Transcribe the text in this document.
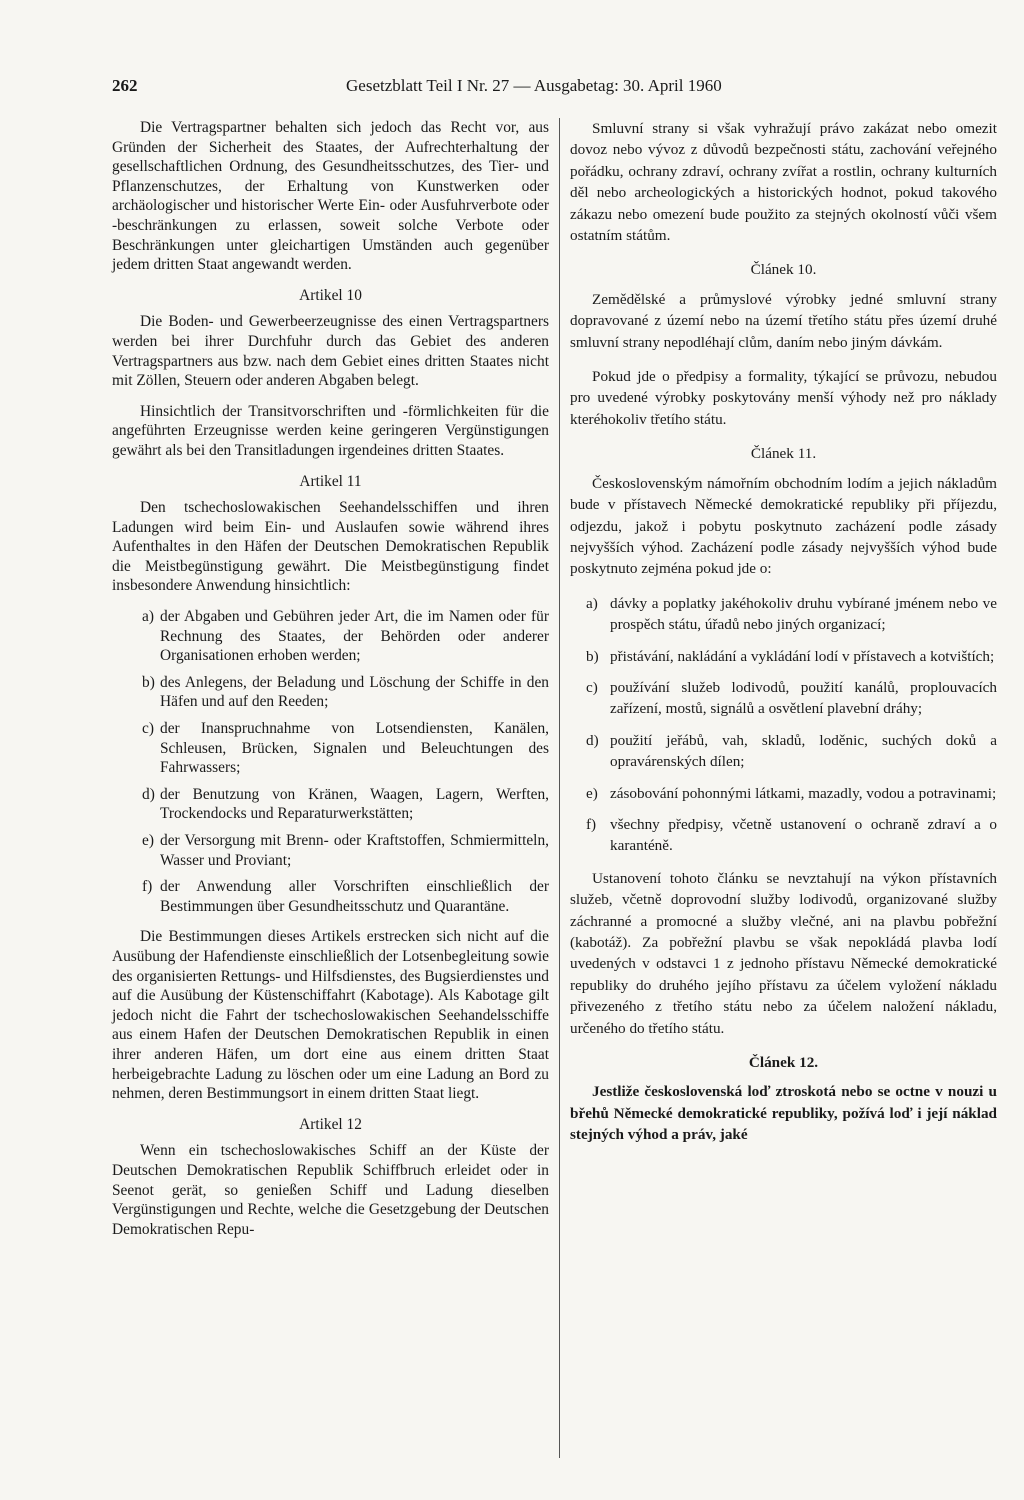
262	Gesetzblatt Teil I Nr. 27 — Ausgabetag: 30. April 1960

Die Vertragspartner behalten sich jedoch das Recht vor, aus Gründen der Sicherheit des Staates, der Aufrechterhaltung der gesellschaftlichen Ordnung, des Gesundheitsschutzes, des Tier- und Pflanzenschutzes, der Erhaltung von Kunstwerken oder archäologischer und historischer Werte Ein- oder Ausfuhrverbote oder -beschränkungen zu erlassen, soweit solche Verbote oder Beschränkungen unter gleichartigen Umständen auch gegenüber jedem dritten Staat angewandt werden.

Artikel 10

Die Boden- und Gewerbeerzeugnisse des einen Vertragspartners werden bei ihrer Durchfuhr durch das Gebiet des anderen Vertragspartners aus bzw. nach dem Gebiet eines dritten Staates nicht mit Zöllen, Steuern oder anderen Abgaben belegt.

Hinsichtlich der Transitvorschriften und -förmlichkeiten für die angeführten Erzeugnisse werden keine geringeren Vergünstigungen gewährt als bei den Transitladungen irgendeines dritten Staates.

Artikel 11

Den tschechoslowakischen Seehandelsschiffen und ihren Ladungen wird beim Ein- und Auslaufen sowie während ihres Aufenthaltes in den Häfen der Deutschen Demokratischen Republik die Meistbegünstigung gewährt. Die Meistbegünstigung findet insbesondere Anwendung hinsichtlich:

a) der Abgaben und Gebühren jeder Art, die im Namen oder für Rechnung des Staates, der Behörden oder anderer Organisationen erhoben werden;
b) des Anlegens, der Beladung und Löschung der Schiffe in den Häfen und auf den Reeden;
c) der Inanspruchnahme von Lotsendiensten, Kanälen, Schleusen, Brücken, Signalen und Beleuchtungen des Fahrwassers;
d) der Benutzung von Kränen, Waagen, Lagern, Werften, Trockendocks und Reparaturwerkstätten;
e) der Versorgung mit Brenn- oder Kraftstoffen, Schmiermitteln, Wasser und Proviant;
f) der Anwendung aller Vorschriften einschließlich der Bestimmungen über Gesundheitsschutz und Quarantäne.

Die Bestimmungen dieses Artikels erstrecken sich nicht auf die Ausübung der Hafendienste einschließlich der Lotsenbegleitung sowie des organisierten Rettungs- und Hilfsdienstes, des Bugsierdienstes und auf die Ausübung der Küstenschiffahrt (Kabotage). Als Kabotage gilt jedoch nicht die Fahrt der tschechoslowakischen Seehandelsschiffe aus einem Hafen der Deutschen Demokratischen Republik in einen ihrer anderen Häfen, um dort eine aus einem dritten Staat herbeigebrachte Ladung zu löschen oder um eine Ladung an Bord zu nehmen, deren Bestimmungsort in einem dritten Staat liegt.

Artikel 12

Wenn ein tschechoslowakisches Schiff an der Küste der Deutschen Demokratischen Republik Schiffbruch erleidet oder in Seenot gerät, so genießen Schiff und Ladung dieselben Vergünstigungen und Rechte, welche die Gesetzgebung der Deutschen Demokratischen Repu-

Smluvní strany si však vyhražují právo zakázat nebo omezit dovoz nebo vývoz z důvodů bezpečnosti státu, zachování veřejného pořádku, ochrany zdraví, ochrany zvířat a rostlin, ochrany kulturních děl nebo archeologických a historických hodnot, pokud takového zákazu nebo omezení bude použito za stejných okolností vůči všem ostatním státům.

Článek 10.

Zemědělské a průmyslové výrobky jedné smluvní strany dopravované z území nebo na území třetího státu přes území druhé smluvní strany nepodléhají clům, daním nebo jiným dávkám.

Pokud jde o předpisy a formality, týkající se průvozu, nebudou pro uvedené výrobky poskytovány menší výhody než pro náklady kteréhokoliv třetího státu.

Článek 11.

Československým námořním obchodním lodím a jejich nákladům bude v přístavech Německé demokratické republiky při příjezdu, odjezdu, jakož i pobytu poskytnuto zacházení podle zásady nejvyšších výhod. Zacházení podle zásady nejvyšších výhod bude poskytnuto zejména pokud jde o:

a) dávky a poplatky jakéhokoliv druhu vybírané jménem nebo ve prospěch státu, úřadů nebo jiných organizací;
b) přistávání, nakládání a vykládání lodí v přístavech a kotvištích;
c) používání služeb lodivodů, použití kanálů, proplouvacích zařízení, mostů, signálů a osvětlení plavební dráhy;
d) použití jeřábů, vah, skladů, loděnic, suchých doků a opravárenských dílen;
e) zásobování pohonnými látkami, mazadly, vodou a potravinami;
f) všechny předpisy, včetně ustanovení o ochraně zdraví a o karanténě.

Ustanovení tohoto článku se nevztahují na výkon přístavních služeb, včetně doprovodní služby lodivodů, organizované služby záchranné a promocné a služby vlečné, ani na plavbu pobřežní (kabotáž). Za pobřežní plavbu se však nepokládá plavba lodí uvedených v odstavci 1 z jednoho přístavu Německé demokratické republiky do druhého jejího přístavu za účelem vyložení nákladu přivezeného z třetího státu nebo za účelem naložení nákladu, určeného do třetího státu.

Článek 12.

Jestliže československá loď ztroskotá nebo se octne v nouzi u břehů Německé demokratické republiky, požívá loď i její náklad stejných výhod a práv, jaké
